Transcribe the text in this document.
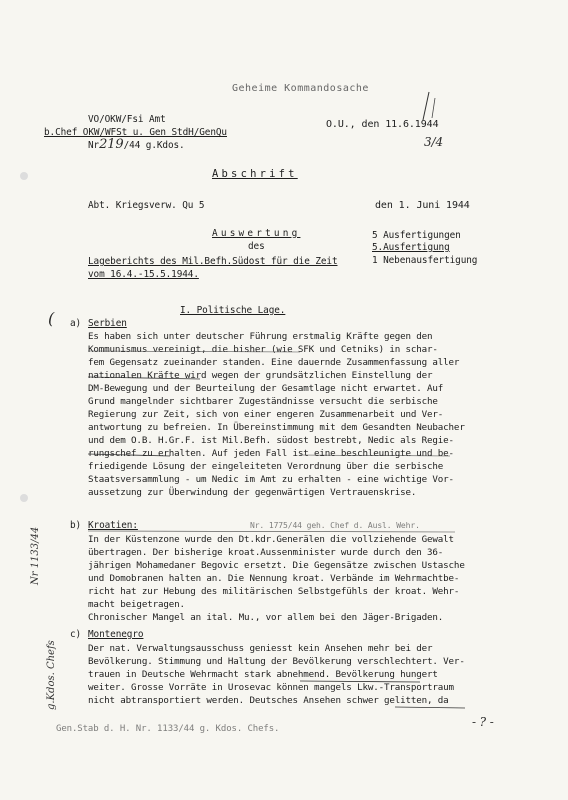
Geheime Kommandosache
VO/OKW/Fsi Amt
b.Chef OKW/WFSt u. Gen StdH/GenQu
Nr219/44 g.Kdos.
O.U., den 11.6.1944
3/4
Abschrift
Abt. Kriegsverw. Qu 5	den 1. Juni 1944
Auswertung
des
Lageberichts des Mil.Befh.Südost für die Zeit
vom 16.4.-15.5.1944.
5 Ausfertigungen
5.Ausfertigung
1 Nebenausfertigung
I. Politische Lage.
a)
(	Serbien
Es haben sich unter deutscher Führung erstmalig Kräfte gegen den
Kommunismus vereinigt, die bisher (wie SFK und Cetniks) in schar-
fem Gegensatz zueinander standen. Eine dauernde Zusammenfassung aller
nationalen Kräfte wird wegen der grundsätzlichen Einstellung der
DM-Bewegung und der Beurteilung der Gesamtlage nicht erwartet. Auf
Grund mangelnder sichtbarer Zugeständnisse versucht die serbische
Regierung zur Zeit, sich von einer engeren Zusammenarbeit und Ver-
antwortung zu befreien. In Übereinstimmung mit dem Gesandten Neubacher
und dem O.B. H.Gr.F. ist Mil.Befh. südost bestrebt, Nedic als Regie-
rungschef zu erhalten. Auf jeden Fall ist eine beschleunigte und be-
friedigende Lösung der eingeleiteten Verordnung über die serbische
Staatsversammlung - um Nedic im Amt zu erhalten - eine wichtige Vor-
aussetzung zur Überwindung der gegenwärtigen Vertrauenskrise.
b) Kroatien:	Nr. 1775/44 geh. Chef d. Ausl. Wehr.
In der Küstenzone wurde den Dt.kdr.Generälen die vollziehende Gewalt
übertragen. Der bisherige kroat.Aussenminister wurde durch den 36-
jährigen Mohamedaner Begovic ersetzt. Die Gegensätze zwischen Ustasche
und Domobranen halten an. Die Nennung kroat. Verbände im Wehrmachtbe-
richt hat zur Hebung des militärischen Selbstgefühls der kroat. Wehr-
macht beigetragen.
Chronischer Mangel an ital. Mu., vor allem bei den Jäger-Brigaden.
c) Montenegro
Der nat. Verwaltungsausschuss geniesst kein Ansehen mehr bei der
Bevölkerung. Stimmung und Haltung der Bevölkerung verschlechtert. Ver-
trauen in Deutsche Wehrmacht stark abnehmend. Bevölkerung hungert
weiter. Grosse Vorräte in Urosevac können mangels Lkw.-Transportraum
nicht abtransportiert werden. Deutsches Ansehen schwer gelitten, da
Gen.Stab d. H. Nr. 1133/44 g. Kdos. Chefs.	- ? -
Nr 1133/44
g.Kdos. Chefs
